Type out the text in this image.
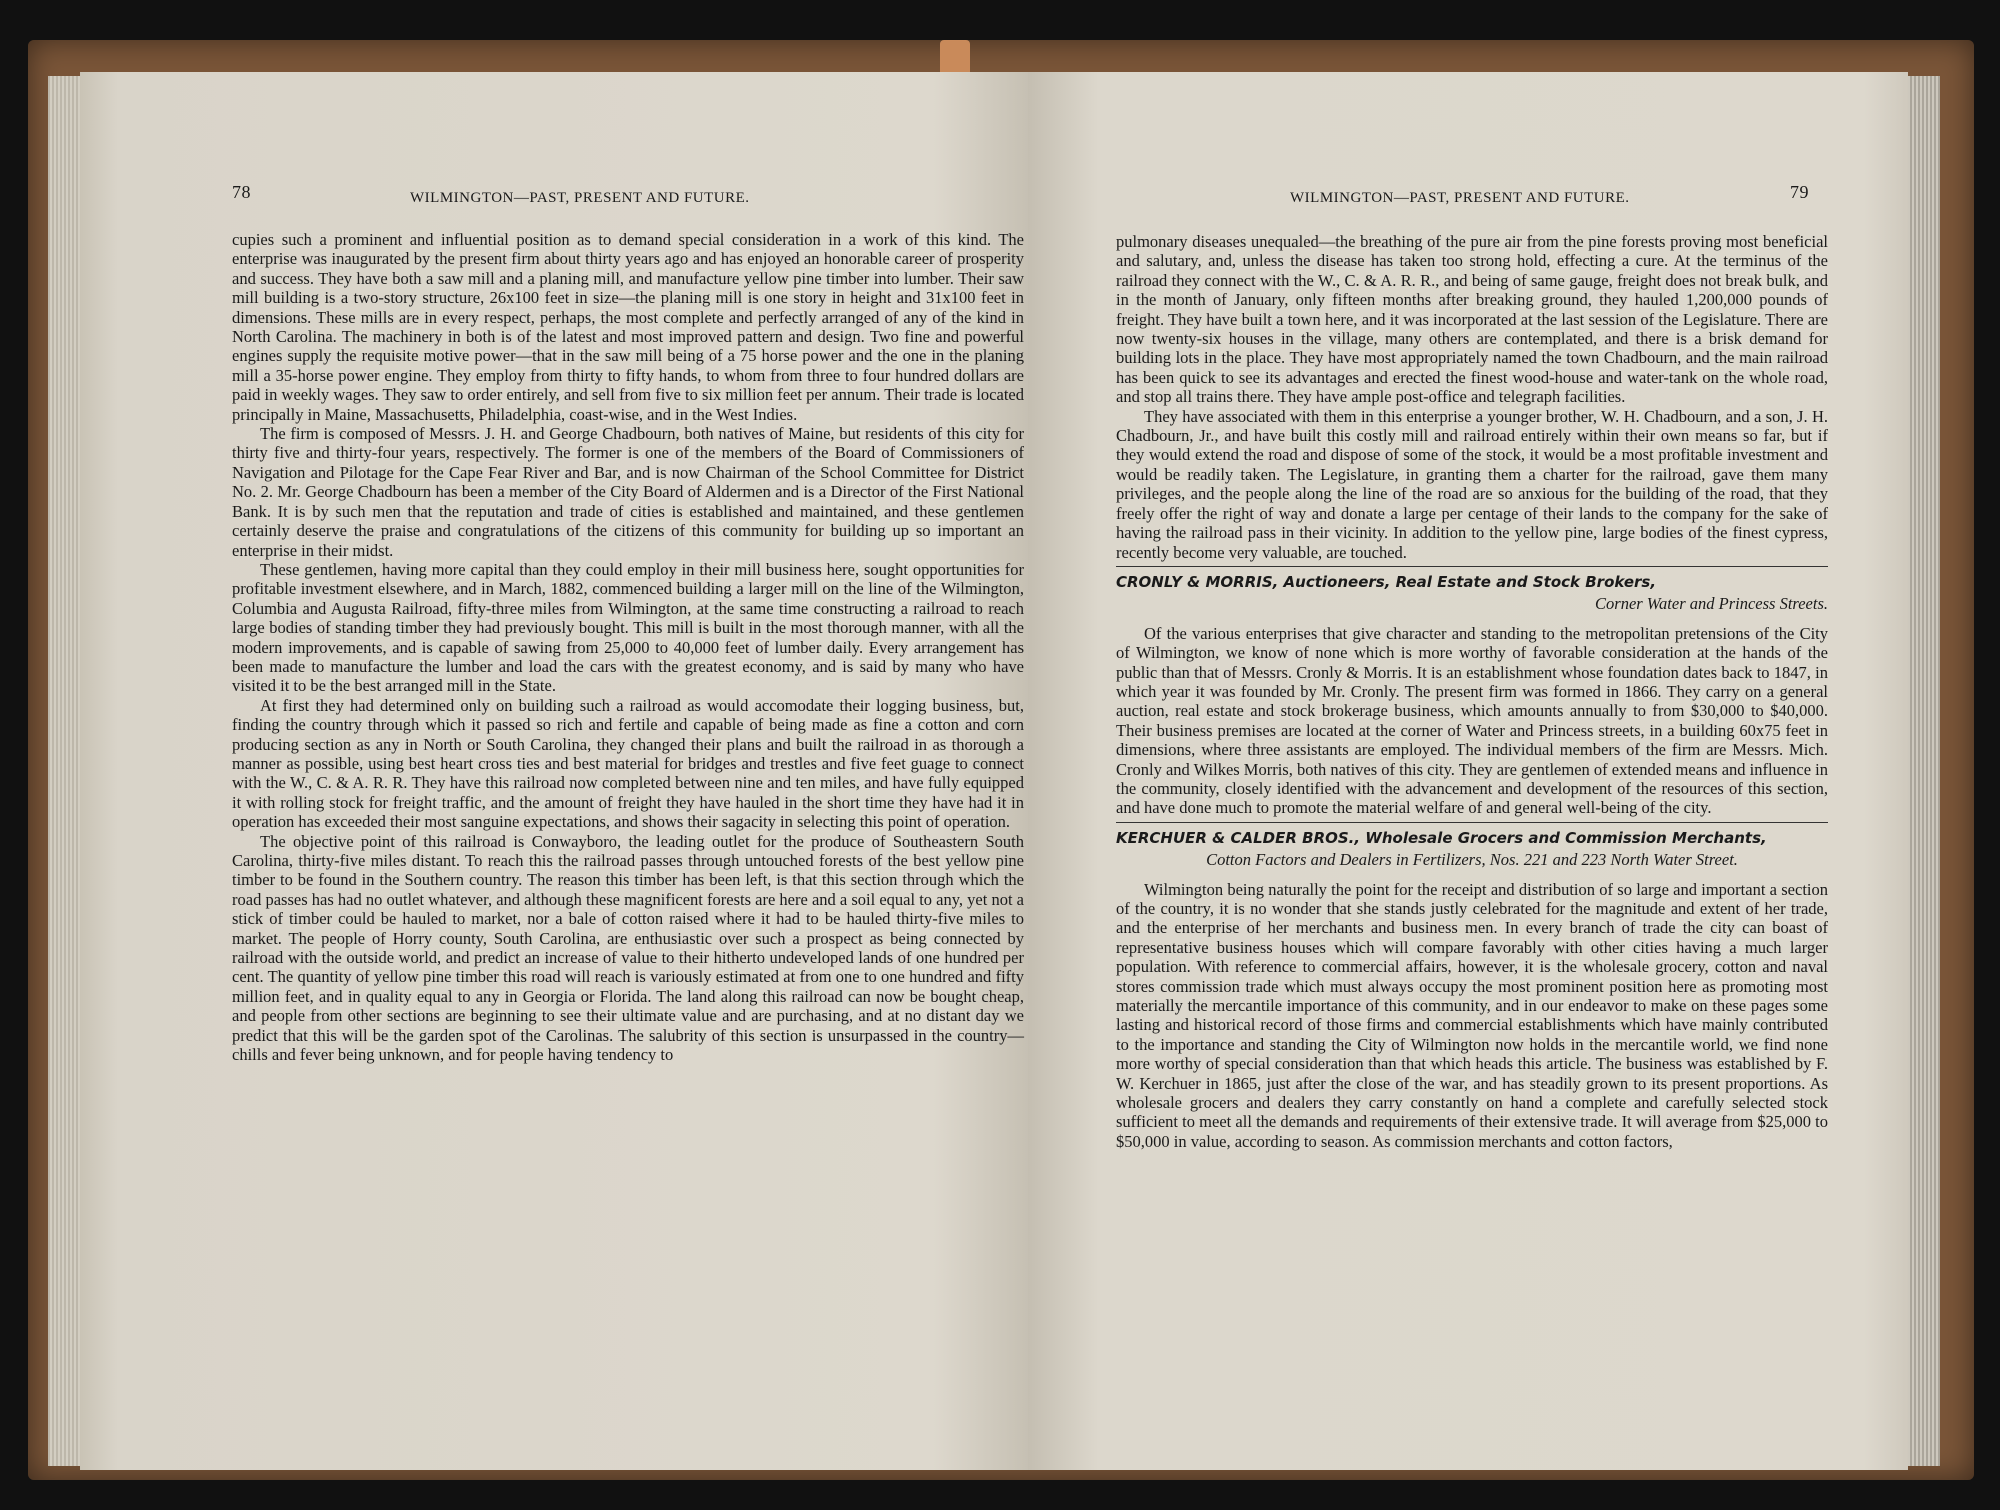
78	WILMINGTON—PAST, PRESENT AND FUTURE.

cupies such a prominent and influential position as to demand special consideration in a work of this kind. The enterprise was inaugurated by the present firm about thirty years ago and has enjoyed an honorable career of prosperity and success. They have both a saw mill and a planing mill, and manufacture yellow pine timber into lumber. Their saw mill building is a two-story structure, 26x100 feet in size—the planing mill is one story in height and 31x100 feet in dimensions. These mills are in every respect, perhaps, the most complete and perfectly arranged of any of the kind in North Carolina. The machinery in both is of the latest and most improved pattern and design. Two fine and powerful engines supply the requisite motive power—that in the saw mill being of a 75 horse power and the one in the planing mill a 35-horse power engine. They employ from thirty to fifty hands, to whom from three to four hundred dollars are paid in weekly wages. They saw to order entirely, and sell from five to six million feet per annum. Their trade is located principally in Maine, Massachusetts, Philadelphia, coast-wise, and in the West Indies.

The firm is composed of Messrs. J. H. and George Chadbourn, both natives of Maine, but residents of this city for thirty five and thirty-four years, respectively. The former is one of the members of the Board of Commissioners of Navigation and Pilotage for the Cape Fear River and Bar, and is now Chairman of the School Committee for District No. 2. Mr. George Chadbourn has been a member of the City Board of Aldermen and is a Director of the First National Bank. It is by such men that the reputation and trade of cities is established and maintained, and these gentlemen certainly deserve the praise and congratulations of the citizens of this community for building up so important an enterprise in their midst.

These gentlemen, having more capital than they could employ in their mill business here, sought opportunities for profitable investment elsewhere, and in March, 1882, commenced building a larger mill on the line of the Wilmington, Columbia and Augusta Railroad, fifty-three miles from Wilmington, at the same time constructing a railroad to reach large bodies of standing timber they had previously bought. This mill is built in the most thorough manner, with all the modern improvements, and is capable of sawing from 25,000 to 40,000 feet of lumber daily. Every arrangement has been made to manufacture the lumber and load the cars with the greatest economy, and is said by many who have visited it to be the best arranged mill in the State.

At first they had determined only on building such a railroad as would accomodate their logging business, but, finding the country through which it passed so rich and fertile and capable of being made as fine a cotton and corn producing section as any in North or South Carolina, they changed their plans and built the railroad in as thorough a manner as possible, using best heart cross ties and best material for bridges and trestles and five feet guage to connect with the W., C. & A. R. R. They have this railroad now completed between nine and ten miles, and have fully equipped it with rolling stock for freight traffic, and the amount of freight they have hauled in the short time they have had it in operation has exceeded their most sanguine expectations, and shows their sagacity in selecting this point of operation.

The objective point of this railroad is Conwayboro, the leading outlet for the produce of Southeastern South Carolina, thirty-five miles distant. To reach this the railroad passes through untouched forests of the best yellow pine timber to be found in the Southern country. The reason this timber has been left, is that this section through which the road passes has had no outlet whatever, and although these magnificent forests are here and a soil equal to any, yet not a stick of timber could be hauled to market, nor a bale of cotton raised where it had to be hauled thirty-five miles to market. The people of Horry county, South Carolina, are enthusiastic over such a prospect as being connected by railroad with the outside world, and predict an increase of value to their hitherto undeveloped lands of one hundred per cent. The quantity of yellow pine timber this road will reach is variously estimated at from one to one hundred and fifty million feet, and in quality equal to any in Georgia or Florida. The land along this railroad can now be bought cheap, and people from other sections are beginning to see their ultimate value and are purchasing, and at no distant day we predict that this will be the garden spot of the Carolinas. The salubrity of this section is unsurpassed in the country—chills and fever being unknown, and for people having tendency to

WILMINGTON—PAST, PRESENT AND FUTURE.	79

pulmonary diseases unequaled—the breathing of the pure air from the pine forests proving most beneficial and salutary, and, unless the disease has taken too strong hold, effecting a cure. At the terminus of the railroad they connect with the W., C. & A. R. R., and being of same gauge, freight does not break bulk, and in the month of January, only fifteen months after breaking ground, they hauled 1,200,000 pounds of freight. They have built a town here, and it was incorporated at the last session of the Legislature. There are now twenty-six houses in the village, many others are contemplated, and there is a brisk demand for building lots in the place. They have most appropriately named the town Chadbourn, and the main railroad has been quick to see its advantages and erected the finest wood-house and water-tank on the whole road, and stop all trains there. They have ample post-office and telegraph facilities.

They have associated with them in this enterprise a younger brother, W. H. Chadbourn, and a son, J. H. Chadbourn, Jr., and have built this costly mill and railroad entirely within their own means so far, but if they would extend the road and dispose of some of the stock, it would be a most profitable investment and would be readily taken. The Legislature, in granting them a charter for the railroad, gave them many privileges, and the people along the line of the road are so anxious for the building of the road, that they freely offer the right of way and donate a large per centage of their lands to the company for the sake of having the railroad pass in their vicinity. In addition to the yellow pine, large bodies of the finest cypress, recently become very valuable, are touched.

CRONLY & MORRIS, Auctioneers, Real Estate and Stock Brokers,
Corner Water and Princess Streets.

Of the various enterprises that give character and standing to the metropolitan pretensions of the City of Wilmington, we know of none which is more worthy of favorable consideration at the hands of the public than that of Messrs. Cronly & Morris. It is an establishment whose foundation dates back to 1847, in which year it was founded by Mr. Cronly. The present firm was formed in 1866. They carry on a general auction, real estate and stock brokerage business, which amounts annually to from $30,000 to $40,000. Their business premises are located at the corner of Water and Princess streets, in a building 60x75 feet in dimensions, where three assistants are employed. The individual members of the firm are Messrs. Mich. Cronly and Wilkes Morris, both natives of this city. They are gentlemen of extended means and influence in the community, closely identified with the advancement and development of the resources of this section, and have done much to promote the material welfare of and general well-being of the city.

KERCHUER & CALDER BROS., Wholesale Grocers and Commission Merchants,
Cotton Factors and Dealers in Fertilizers, Nos. 221 and 223 North Water Street.

Wilmington being naturally the point for the receipt and distribution of so large and important a section of the country, it is no wonder that she stands justly celebrated for the magnitude and extent of her trade, and the enterprise of her merchants and business men. In every branch of trade the city can boast of representative business houses which will compare favorably with other cities having a much larger population. With reference to commercial affairs, however, it is the wholesale grocery, cotton and naval stores commission trade which must always occupy the most prominent position here as promoting most materially the mercantile importance of this community, and in our endeavor to make on these pages some lasting and historical record of those firms and commercial establishments which have mainly contributed to the importance and standing the City of Wilmington now holds in the mercantile world, we find none more worthy of special consideration than that which heads this article. The business was established by F. W. Kerchuer in 1865, just after the close of the war, and has steadily grown to its present proportions. As wholesale grocers and dealers they carry constantly on hand a complete and carefully selected stock sufficient to meet all the demands and requirements of their extensive trade. It will average from $25,000 to $50,000 in value, according to season. As commission merchants and cotton factors,
